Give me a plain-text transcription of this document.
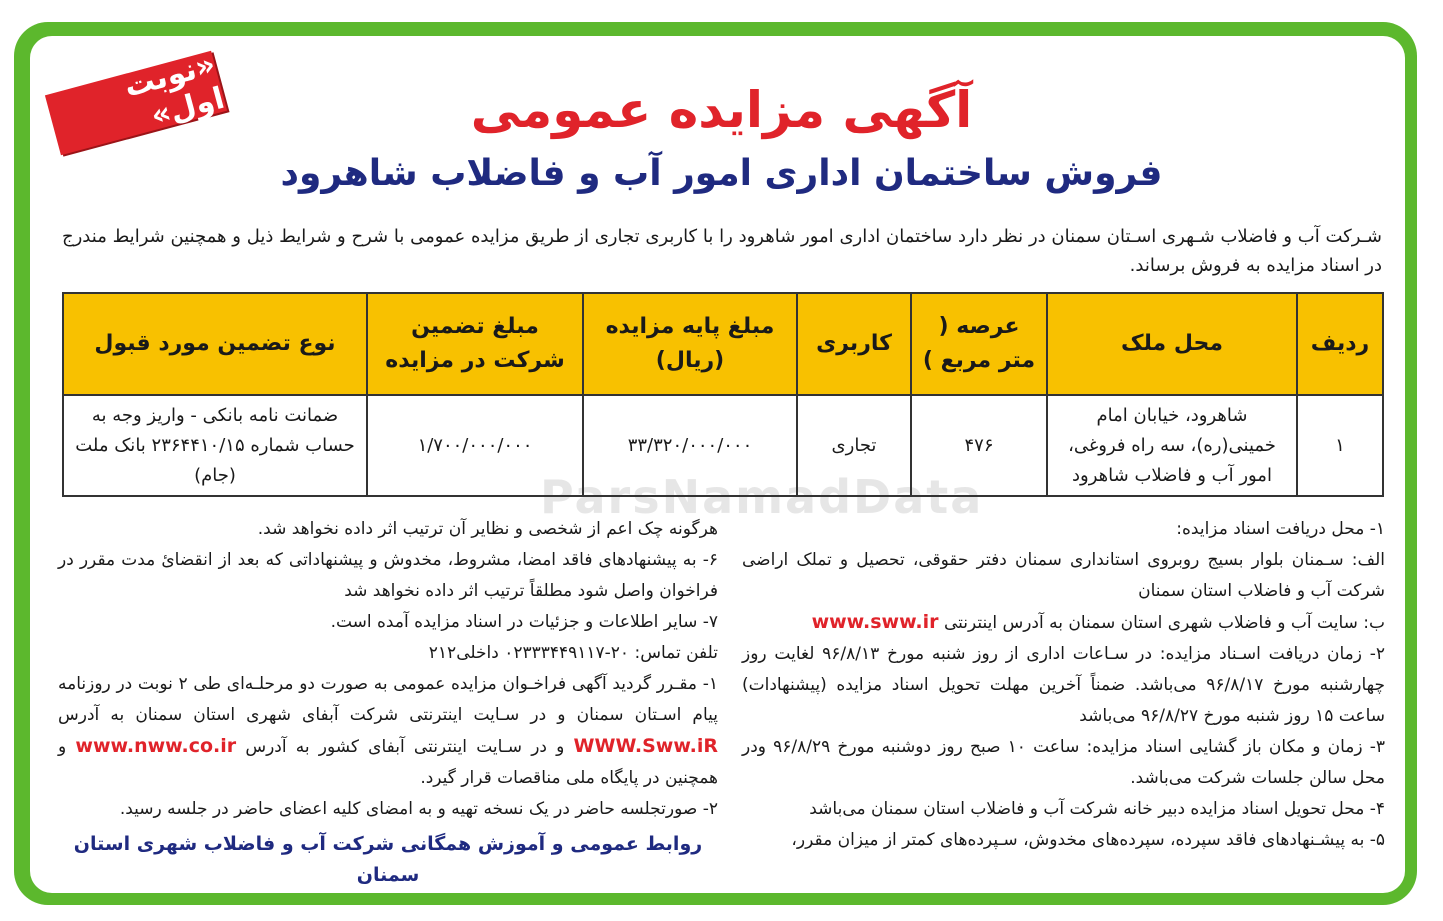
ParsNamadData
«نوبت اول»	آگهی مزایده عمومی
فروش ساختمان اداری امور آب و فاضلاب شاهرود
شـرکت آب و فاضلاب شـهری اسـتان سمنان در نظر دارد ساختمان اداری امور شاهرود را با کاربری تجاری از طریق مزایده عمومی با شرح و شرایط ذیل و همچنین شرایط مندرج در اسناد مزایده به فروش برساند.
ردیف	محل ملک	عرصه ( متر مربع )	کاربری	مبلغ پایه مزایده (ریال)	مبلغ تضمین شرکت در مزایده	نوع تضمین مورد قبول
۱	شاهرود، خیابان امام خمینی(ره)، سه راه فروغی، امور آب و فاضلاب شاهرود	۴۷۶	تجاری	۳۳/۳۲۰/۰۰۰/۰۰۰	۱/۷۰۰/۰۰۰/۰۰۰	ضمانت نامه بانکی - واریز وجه به حساب شماره ۲۳۶۴۴۱۰/۱۵ بانک ملت (جام)

۱- محل دریافت اسناد مزایده:

الف: سـمنان بلوار بسیج روبروی استانداری سمنان دفتر حقوقی، تحصیل و تملک اراضی شرکت آب و فاضلاب استان سمنان

ب: سایت آب و فاضلاب شهری استان سمنان به آدرس اینترنتی www.sww.ir

۲- زمان دریافت اسـناد مزایده: در سـاعات اداری از روز شنبه مورخ ۹۶/۸/۱۳ لغایت روز چهارشنبه مورخ ۹۶/۸/۱۷ می‌باشد. ضمناً آخرین مهلت تحویل اسناد مزایده (پیشنهادات) ساعت ۱۵ روز شنبه مورخ ۹۶/۸/۲۷ می‌باشد

۳- زمان و مکان باز گشایی اسناد مزایده: ساعت ۱۰ صبح روز دوشنبه مورخ ۹۶/۸/۲۹ ودر محل سالن جلسات شرکت می‌باشد.

۴- محل تحویل اسناد مزایده دبیر خانه شرکت آب و فاضلاب استان سمنان می‌باشد

۵- به پیشـنهادهای فاقد سپرده، سپرده‌های مخدوش، سـپرده‌های کمتر از میزان مقرر،

هرگونه چک اعم از شخصی و نظایر آن ترتیب اثر داده نخواهد شد.

۶- به پیشنهادهای فاقد امضا، مشروط، مخدوش و پیشنهاداتی که بعد از انقضائ مدت مقرر در فراخوان واصل شود مطلقاً ترتیب اثر داده نخواهد شد

۷- سایر اطلاعات و جزئیات در اسناد مزایده آمده است.

تلفن تماس: ۲۰-۰۲۳۳۳۴۴۹۱۱۷ داخلی۲۱۲

۱- مقـرر گردید آگهی فراخـوان مزایده عمومی به صورت دو مرحلـه‌ای طی ۲ نوبت در روزنامه پیام اسـتان سمنان و در سـایت اینترنتی شرکت آبفای شهری استان سمنان به آدرس WWW.Sww.iR و در سـایت اینترنتی آبفای کشور به آدرس www.nww.co.ir و همچنین در پایگاه ملی مناقصات قرار گیرد.

۲- صورتجلسه حاضر در یک نسخه تهیه و به امضای کلیه اعضای حاضر در جلسه رسید.

روابط عمومی و آموزش همگانی شرکت آب و فاضلاب شهری استان سمنان
